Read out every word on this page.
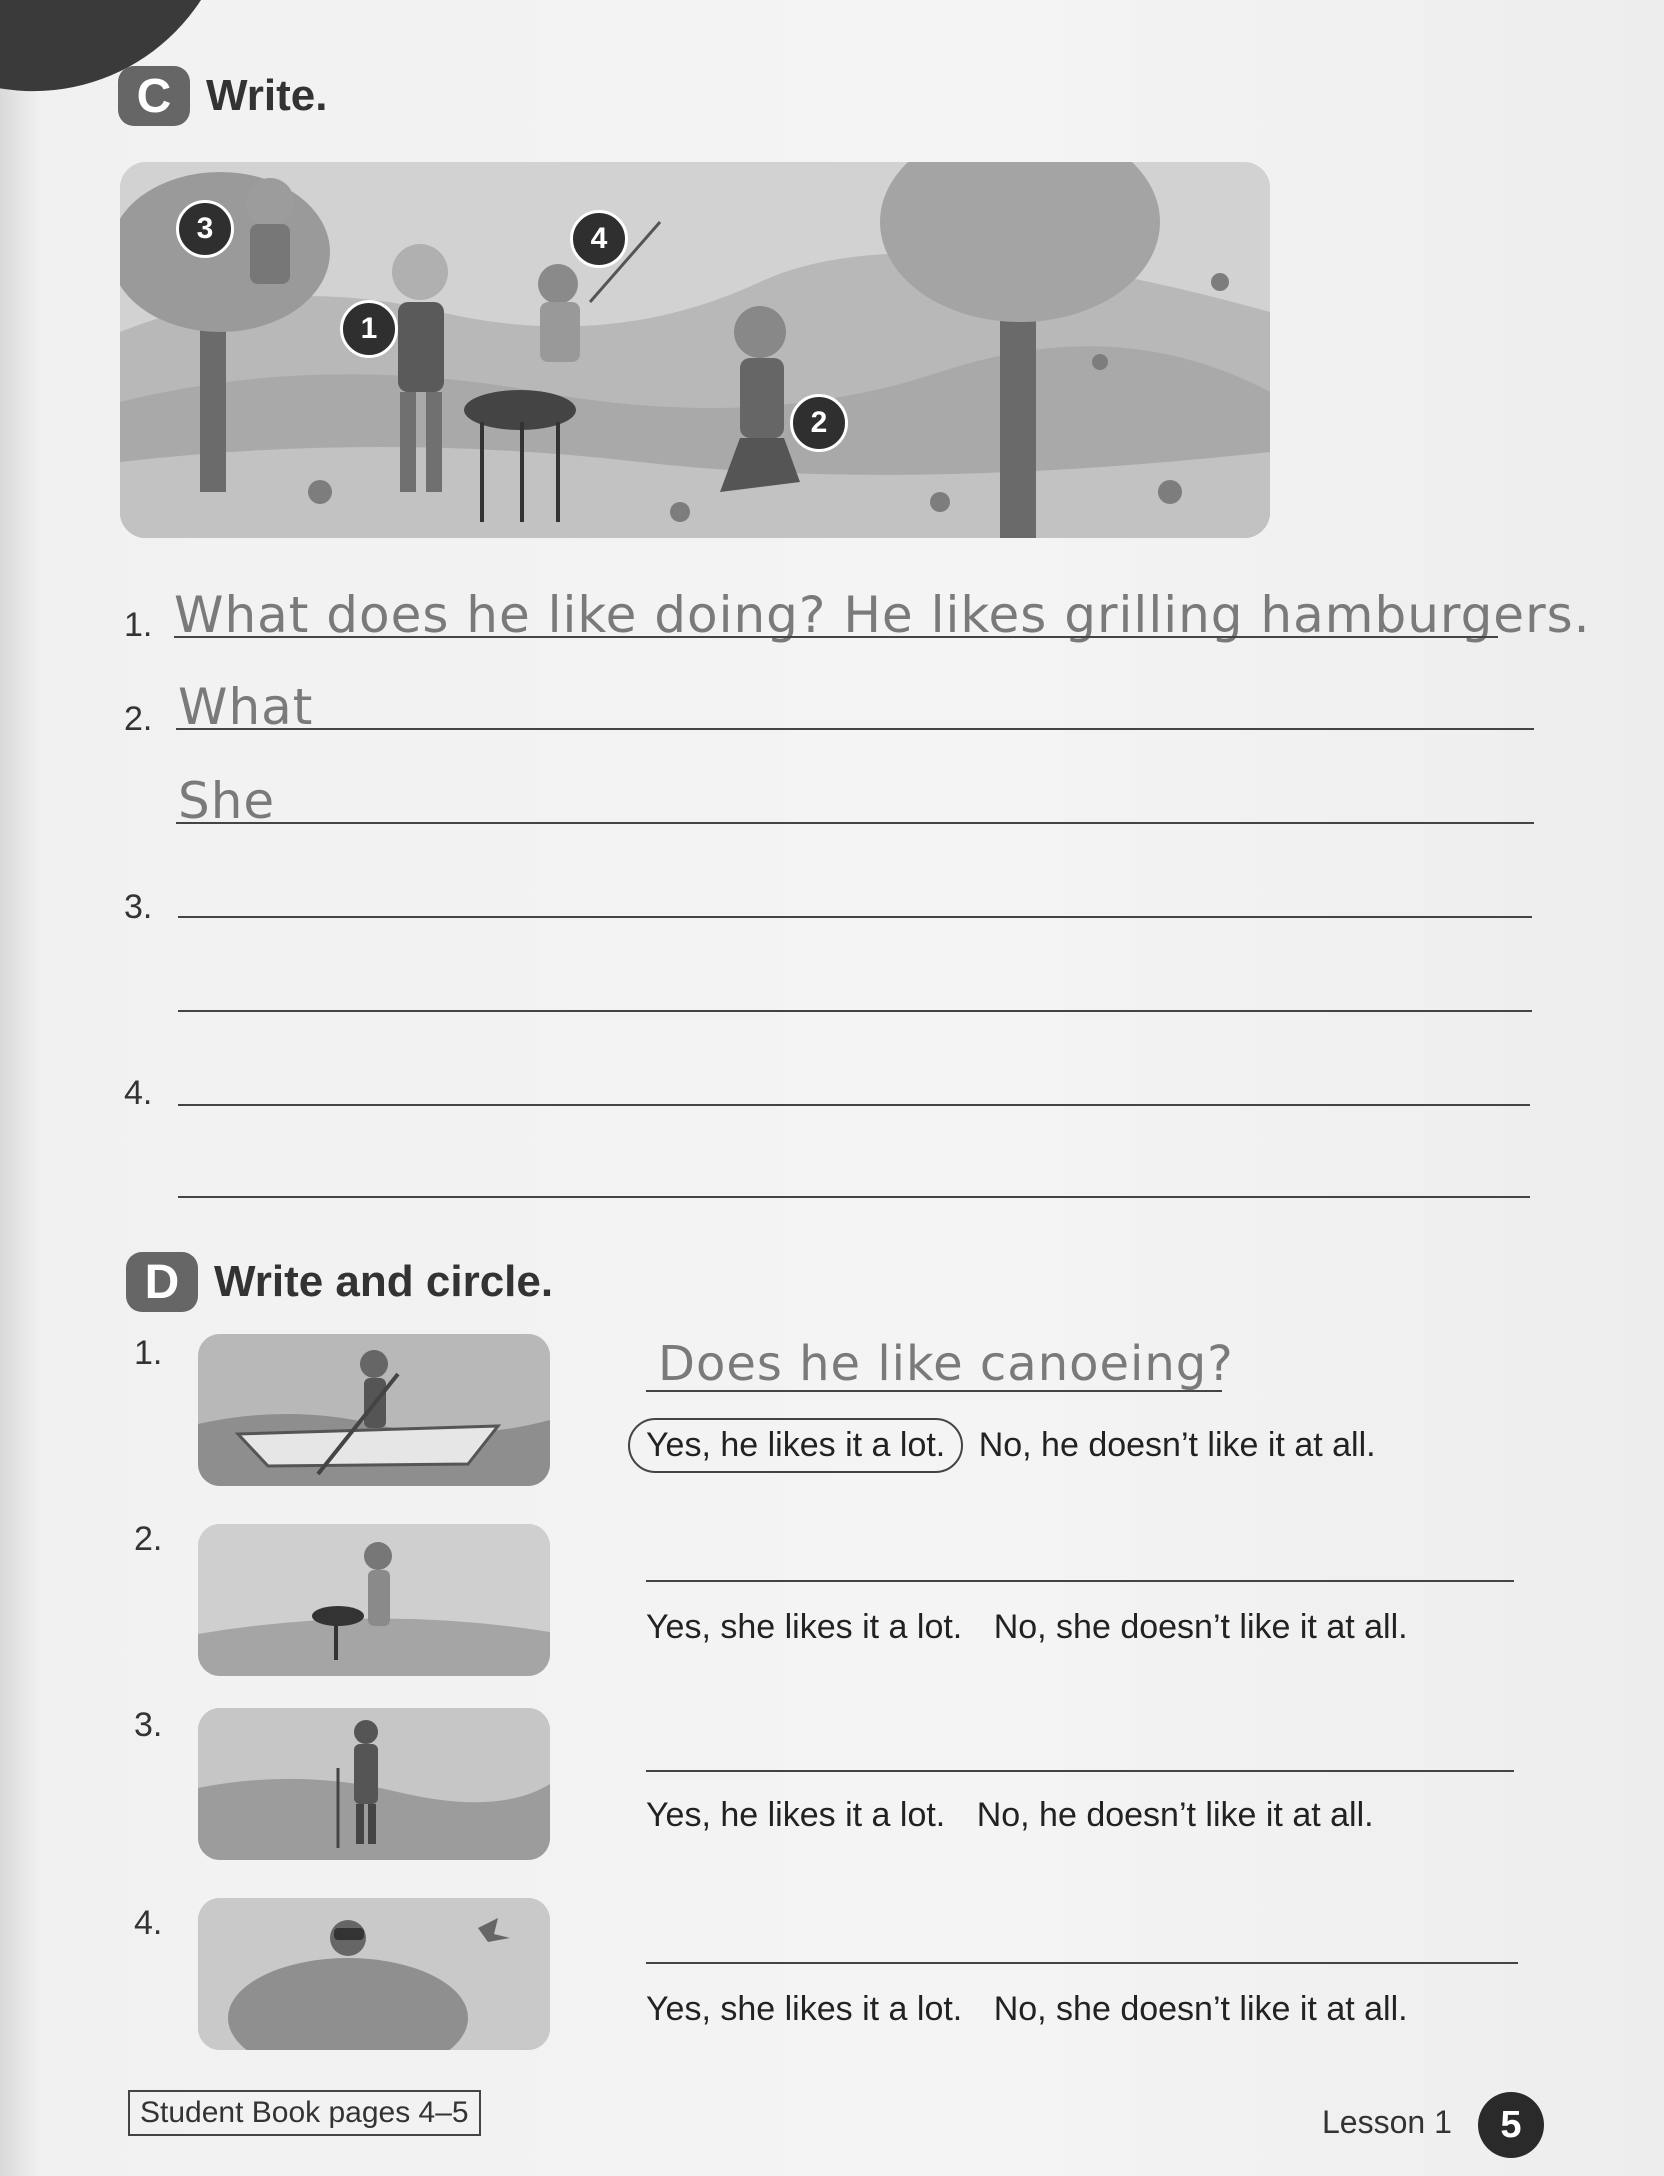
C Write.
3	4
1
2
1. What does he like doing? He likes grilling hamburgers.
2. What
She
3.
4.
D Write and circle.
1.	Does he like canoeing?
Yes, he likes it a lot. No, he doesn’t like it at all.
2.
Yes, she likes it a lot. No, she doesn’t like it at all.
3.
Yes, he likes it a lot. No, he doesn’t like it at all.
4.
Yes, she likes it a lot. No, she doesn’t like it at all.
Student Book pages 4–5	Lesson 1	5
